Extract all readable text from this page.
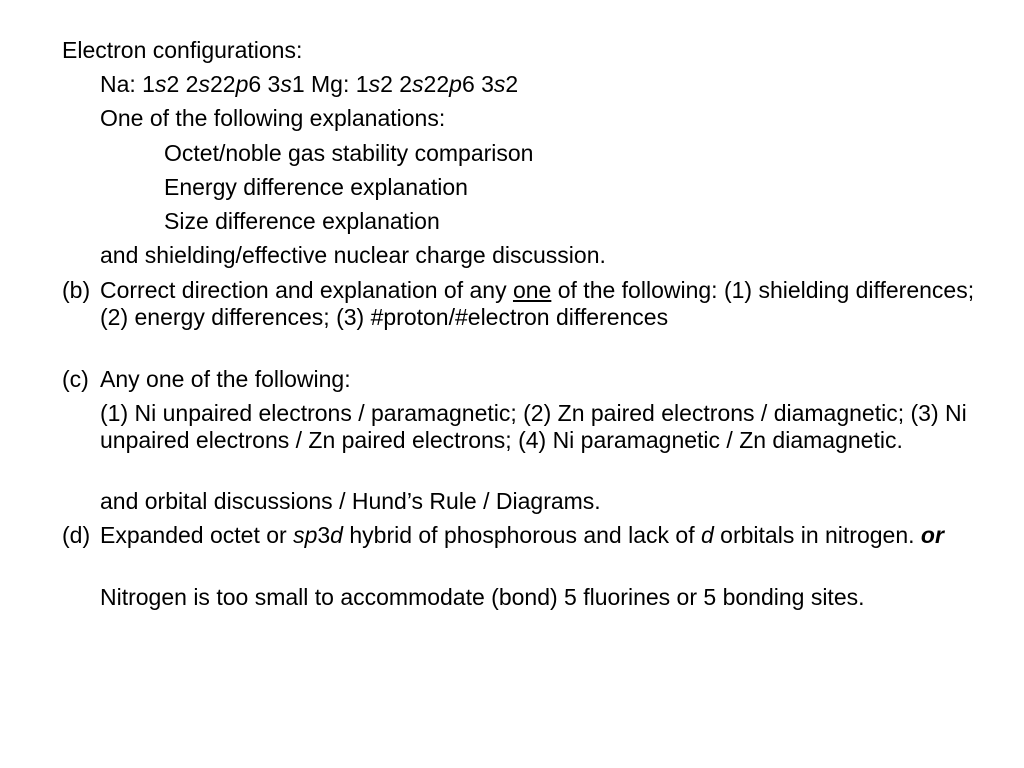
Electron configurations:
Na: 1s2 2s22p6 3s1 Mg: 1s2 2s22p6 3s2
One of the following explanations:
Octet/noble gas stability comparison
Energy difference explanation
Size difference explanation
and shielding/effective nuclear charge discussion.
(b) Correct direction and explanation of any one of the following: (1) shielding differences; (2) energy differences; (3) #proton/#electron differences
(c) Any one of the following:
(1) Ni unpaired electrons / paramagnetic; (2) Zn paired electrons / diamagnetic; (3) Ni unpaired electrons / Zn paired electrons; (4) Ni paramagnetic / Zn diamagnetic.
and orbital discussions / Hund’s Rule / Diagrams.
(d) Expanded octet or sp3d hybrid of phosphorous and lack of d orbitals in nitrogen. or
Nitrogen is too small to accommodate (bond) 5 fluorines or 5 bonding sites.
